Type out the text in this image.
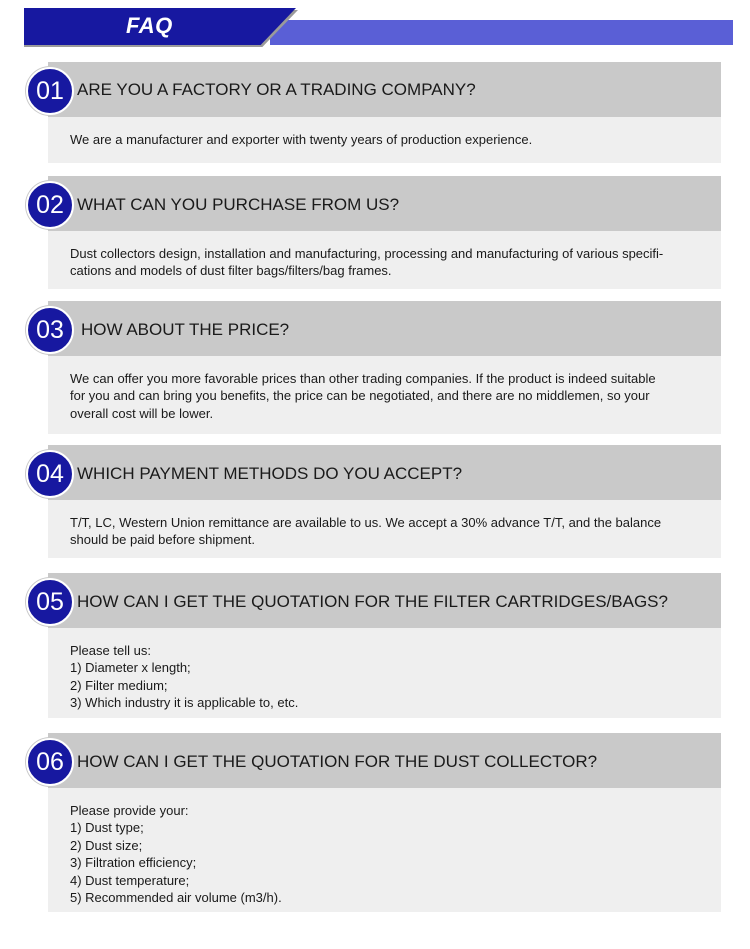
FAQ
01 ARE YOU A FACTORY OR A TRADING COMPANY?
We are a manufacturer and exporter with twenty years of production experience.
02 WHAT CAN YOU PURCHASE FROM US?
Dust collectors design, installation and manufacturing, processing and manufacturing of various specifi-
cations and models of dust filter bags/filters/bag frames.
03	HOW ABOUT THE PRICE?
We can offer you more favorable prices than other trading companies. If the product is indeed suitable
for you and can bring you benefits, the price can be negotiated, and there are no middlemen, so your
overall cost will be lower.
04 WHICH PAYMENT METHODS DO YOU ACCEPT?
T/T, LC, Western Union remittance are available to us. We accept a 30% advance T/T, and the balance
should be paid before shipment.
05 HOW CAN I GET THE QUOTATION FOR THE FILTER CARTRIDGES/BAGS?
Please tell us:
1) Diameter x length;
2) Filter medium;
3) Which industry it is applicable to, etc.
06 HOW CAN I GET THE QUOTATION FOR THE DUST COLLECTOR?
Please provide your:
1) Dust type;
2) Dust size;
3) Filtration efficiency;
4) Dust temperature;
5) Recommended air volume (m3/h).
